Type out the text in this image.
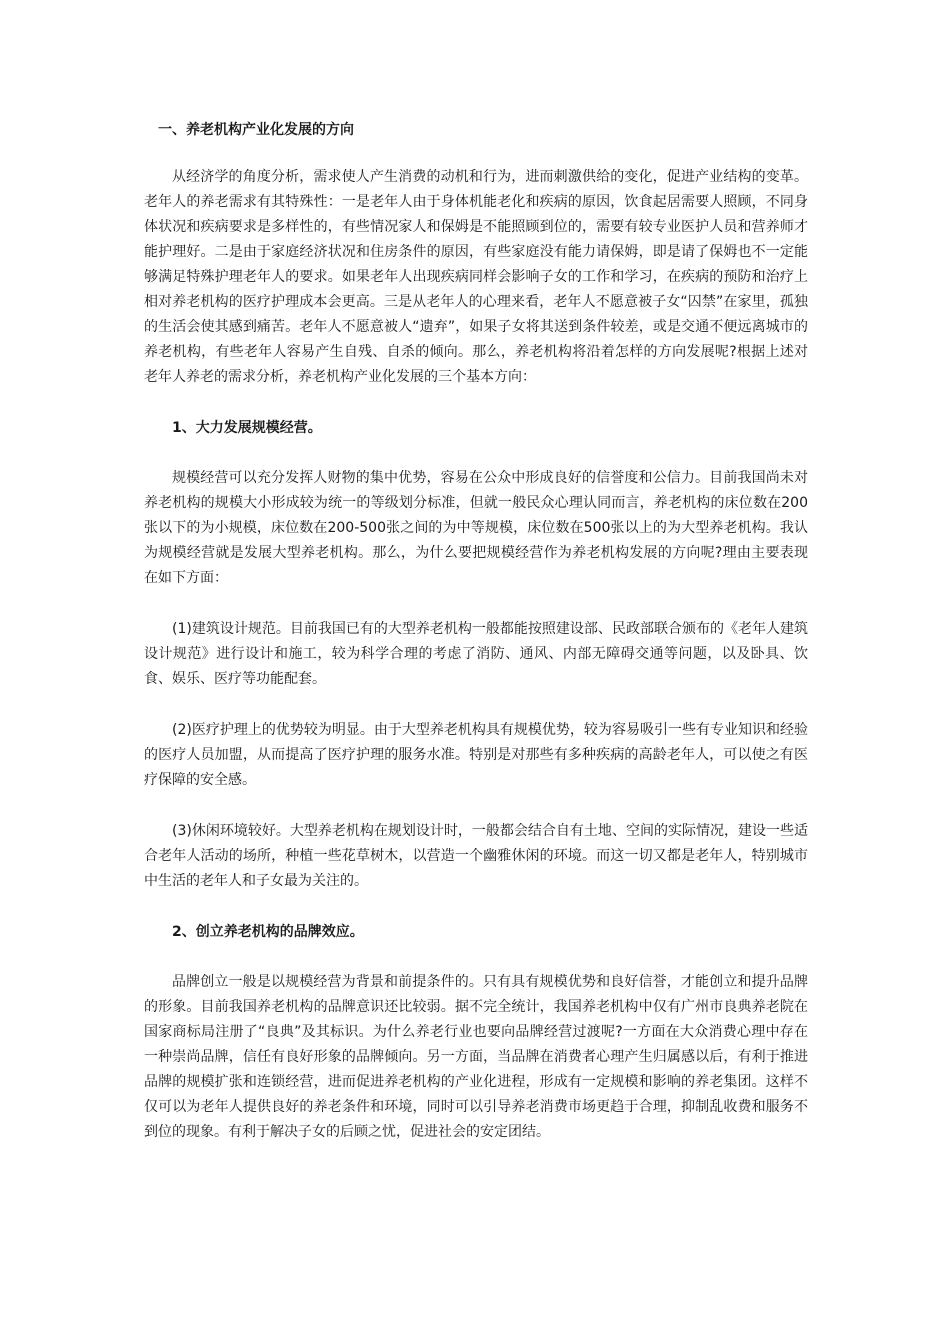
一、养老机构产业化发展的方向

从经济学的角度分析，需求使人产生消费的动机和行为，进而刺激供给的变化，促进产业结构的变革。老年人的养老需求有其特殊性：一是老年人由于身体机能老化和疾病的原因，饮食起居需要人照顾，不同身体状况和疾病要求是多样性的，有些情况家人和保姆是不能照顾到位的，需要有较专业医护人员和营养师才能护理好。二是由于家庭经济状况和住房条件的原因，有些家庭没有能力请保姆，即是请了保姆也不一定能够满足特殊护理老年人的要求。如果老年人出现疾病同样会影响子女的工作和学习，在疾病的预防和治疗上相对养老机构的医疗护理成本会更高。三是从老年人的心理来看，老年人不愿意被子女“囚禁”在家里，孤独的生活会使其感到痛苦。老年人不愿意被人“遗弃”，如果子女将其送到条件较差，或是交通不便远离城市的养老机构，有些老年人容易产生自残、自杀的倾向。那么，养老机构将沿着怎样的方向发展呢?根据上述对老年人养老的需求分析，养老机构产业化发展的三个基本方向：

1、大力发展规模经营。

规模经营可以充分发挥人财物的集中优势，容易在公众中形成良好的信誉度和公信力。目前我国尚未对养老机构的规模大小形成较为统一的等级划分标准，但就一般民众心理认同而言，养老机构的床位数在200张以下的为小规模，床位数在200-500张之间的为中等规模，床位数在500张以上的为大型养老机构。我认为规模经营就是发展大型养老机构。那么，为什么要把规模经营作为养老机构发展的方向呢?理由主要表现在如下方面：

(1)建筑设计规范。目前我国已有的大型养老机构一般都能按照建设部、民政部联合颁布的《老年人建筑设计规范》进行设计和施工，较为科学合理的考虑了消防、通风、内部无障碍交通等问题，以及卧具、饮食、娱乐、医疗等功能配套。

(2)医疗护理上的优势较为明显。由于大型养老机构具有规模优势，较为容易吸引一些有专业知识和经验的医疗人员加盟，从而提高了医疗护理的服务水准。特别是对那些有多种疾病的高龄老年人，可以使之有医疗保障的安全感。

(3)休闲环境较好。大型养老机构在规划设计时，一般都会结合自有土地、空间的实际情况，建设一些适合老年人活动的场所，种植一些花草树木，以营造一个幽雅休闲的环境。而这一切又都是老年人，特别城市中生活的老年人和子女最为关注的。

2、创立养老机构的品牌效应。

品牌创立一般是以规模经营为背景和前提条件的。只有具有规模优势和良好信誉，才能创立和提升品牌的形象。目前我国养老机构的品牌意识还比较弱。据不完全统计，我国养老机构中仅有广州市良典养老院在国家商标局注册了“良典”及其标识。为什么养老行业也要向品牌经营过渡呢?一方面在大众消费心理中存在一种崇尚品牌，信任有良好形象的品牌倾向。另一方面，当品牌在消费者心理产生归属感以后，有利于推进品牌的规模扩张和连锁经营，进而促进养老机构的产业化进程，形成有一定规模和影响的养老集团。这样不仅可以为老年人提供良好的养老条件和环境，同时可以引导养老消费市场更趋于合理，抑制乱收费和服务不到位的现象。有利于解决子女的后顾之忧，促进社会的安定团结。
